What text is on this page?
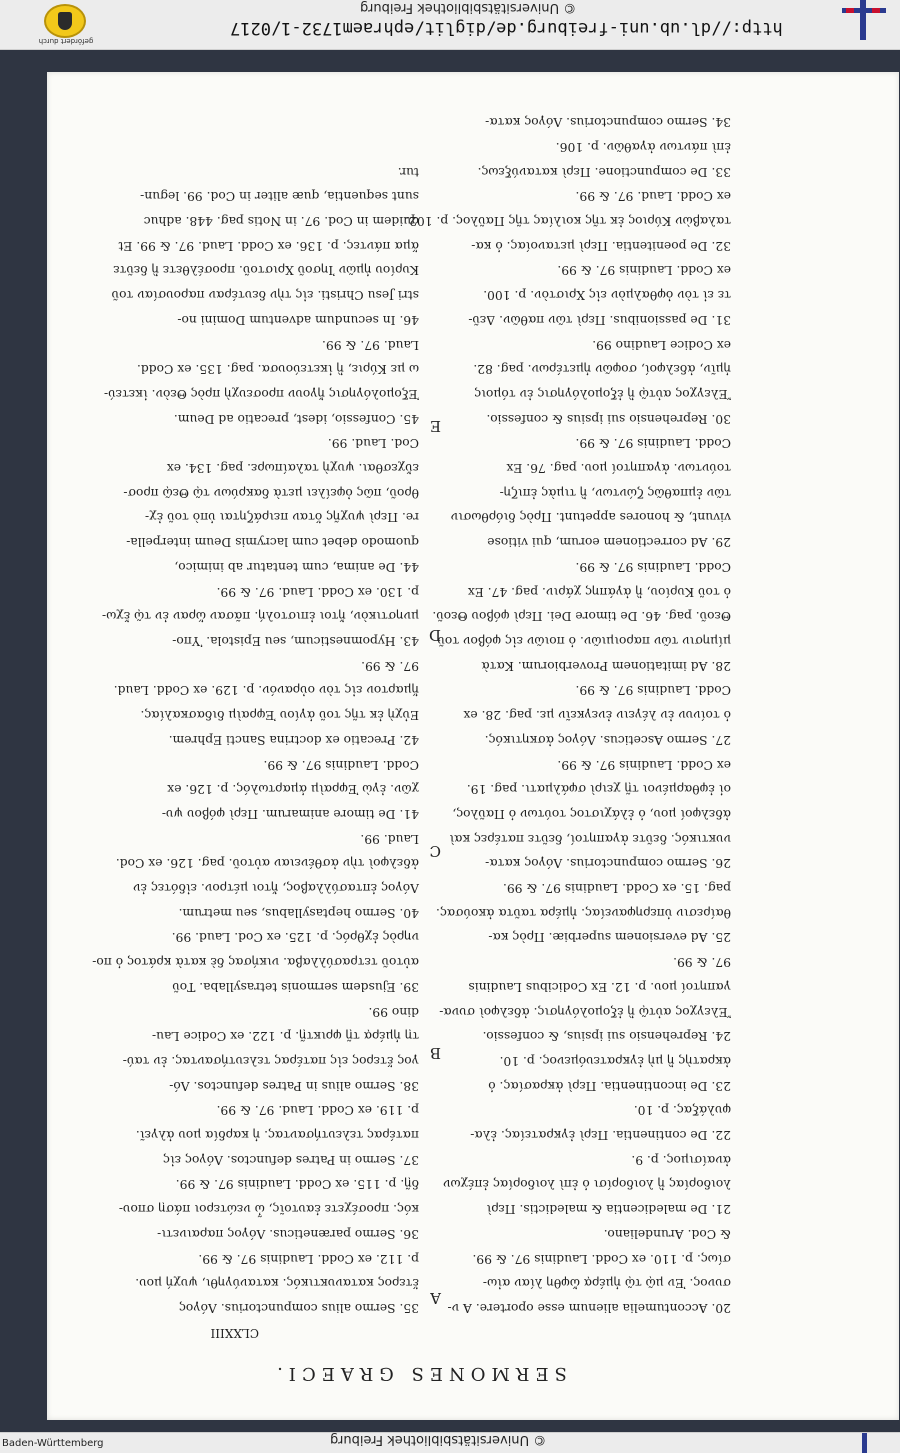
gefördert durch
http://dl.ub.uni-freiburg.de/diglit/ephraem1732-1/0217
© Universitätsbibliothek Freiburg
SERMONES GRAECI.
CLXXIII
20. Accontumelia alienum esse oportere. A ν-
συνος. Ἐν μῷ τῷ ἡμέρᾳ ὤφθη λίαν αἰω-
σίως. p. 110. ex Codd. Laudinis 97. & 99.
& Cod. Arundeliano.
21. De maledicentia & maledictis. Περὶ
λοιδορίας ἢ λοιδορίσι ὁ ἐπὶ λοιδορίας ἐπέχων
ἀναίσιμος. p. 9.
22. De continentia. Περὶ ἐγκρατείας. ἐλα-
φυλάξας. p. 10.
23. De incontinentia. Περὶ ἀκρασίας. ὁ
ἀκρατὴς ἢ μὴ ἐγκρατευόμενος. p. 10.
24. Reprehensio sui ipsius, & confessio.
Ἔλεγχος αὐτῷ ἢ ἐξομολόγησις. ἀδελφοὶ συνα-
γαπητοί μου. p. 12. Ex Codicibus Laudinis
97. & 99.
25. Ad eversionem superbiæ. Πρὸς κα-
θαίρεσιν ὑπερηφανείας. ἡμέρα ταῦτα ἀκούσας.
pag. 15. ex Codd. Laudinis 97. & 99.
26. Sermo compunctorius. Λόγος κατα-
νυκτικός. δεῦτε ἀγαπητοί, δεῦτε πατέρες καὶ
ἀδελφοί μου, ὁ ἐλάχιστος τούτων ὁ Παῦλος,
οἱ ἐφθαρμένοι τῇ χειρὶ σφάλματι. pag. 19.
ex Codd. Laudinis 97. & 99.
27. Sermo Asceticus. Λόγος ἀσκητικός.
ὁ τοίνυν ἐν λέγειν ἐνεγκεῖν με. pag. 28. ex
Codd. Laudinis 97. & 99.
28. Ad imitationem Proverbiorum. Κατὰ
μίμησιν τῶν παροιμιῶν. ὁ ποιῶν εἰς φόβον τοῦ
Θεοῦ. pag. 46. De timore Dei. Περὶ φόβου Θεοῦ.
ὁ τοῦ Κυρίου, ἢ ἀγάπης χάριν. pag. 47. Ex
Codd. Laudinis 97. & 99.
29. Ad correctionem eorum, qui vitiose
vivunt, & honores appetunt. Πρὸς διόρθωσιν
τῶν ἐμπαθῶς ζώντων, ἢ τιμὰς ἐπιζη-
τούντων. ἀγαπητοί μου. pag. 76. Ex
Codd. Laudinis 97. & 99.
30. Reprehensio sui ipsius & confessio.
Ἔλεγχος αὐτῷ ἢ ἐξομολόγησις ἐν τόμοις
ἡμῖν, ἀδελφοί, σοφῶν ἡμετέρων. pag. 82.
ex Codice Laudino 99.
31. De passionibus. Περὶ τῶν παθῶν. Δεῦ-
τε εἰ τὸν ὀφθαλμὸν εἰς Χριστὸν. p. 100.
ex Codd. Laudinis 97. & 99.
32. De poenitentia. Περὶ μετανοίας. ὁ κα-
ταλαβὼν Κύριος ἐκ τῆς κοιλίας τῆς Παῦλος. p. 102.
ex Codd. Laud. 97. & 99.
33. De compunctione. Περὶ κατανύξεως.
ἐπὶ πάντων ἀγαθῶν. p. 106.
34. Sermo compunctorius. Λόγος κατα-
35. Sermo alius compunctorius. Λόγος
ἕτερος κατανυκτικός. κατανύγηθι, ψυχή μου.
p. 112. ex Codd. Laudinis 97. & 99.
36. Sermo paræneticus. Λόγος παραινετι-
κός. προσέχετε ἑαυτοῖς, ὦ νεώτεροι πάσῃ σπου-
δῇ. p. 115. ex Codd. Laudinis 97. & 99.
37. Sermo in Patres defunctos. Λόγος εἰς
πατέρας τελευτήσαντας. ἡ καρδία μου ἀλγεῖ.
p. 119. ex Codd. Laud. 97. & 99.
38. Sermo alius in Patres defunctos. Λό-
γος ἕτερος εἰς πατέρας τελευτήσαντας. ἐν ταύ-
τῃ ἡμέρᾳ τῇ φρικτῇ. p. 122. ex Codice Lau-
dino 99.
39. Ejusdem sermonis tetrasyllaba. Τοῦ
αὐτοῦ τετρασύλλαβα. νικήσας δὲ κατὰ κράτος ὁ πο-
νηρὸς ἐχθρός. p. 125. ex Cod. Laud. 99.
40. Sermo heptasyllabus, seu metrum.
Λόγος ἑπτασύλλαβος, ἤτοι μέτρον. εἰδότες ἐν
ἀδελφοὶ τὴν ἀσθένειαν αὐτοῦ. pag. 126. ex Cod.
Laud. 99.
41. De timore animarum. Περὶ φόβου ψυ-
χῶν. ἐγὼ Ἐφραὶμ ἁμαρτωλός. p. 126. ex
Codd. Laudinis 97. & 99.
42. Precatio ex doctrina Sancti Ephrem.
Εὐχὴ ἐκ τῆς τοῦ ἁγίου Ἐφραὶμ διδασκαλίας.
ἥμαρτον εἰς τὸν οὐρανόν. p. 129. ex Codd. Laud.
97. & 99.
43. Hypomnesticum, seu Epistola. Ὑπο-
μνηστικὸν, ἤτοι ἐπιστολή. πᾶσαν ὥραν ἐν τῷ ἔχω-
p. 130. ex Codd. Laud. 97. & 99.
44. De anima, cum tentatur ab inimico,
quomodo debet cum lacrymis Deum interpella-
re. Περὶ ψυχῆς ὅταν πειράζηται ὑπὸ τοῦ ἐχ-
θροῦ, πῶς ὀφείλει μετὰ δακρύων τῷ Θεῷ προσ-
εὔχεσθαι. ψυχὴ ταλαίπωρε. pag. 134. ex
Cod. Laud. 99.
45. Confessio, idest, precatio ad Deum.
Ἐξομολόγησις ἤγουν προσευχὴ πρὸς Θεὸν. ἱκετεύ-
ω με Κύριε, ἢ ἱκετεύουσα. pag. 135. ex Codd.
Laud. 97. & 99.
46. In secundum adventum Domini no-
stri Jesu Christi. εἰς τὴν δευτέραν παρουσίαν τοῦ
Κυρίου ἡμῶν Ἰησοῦ Χριστοῦ. προσέλθετε ἢ δεῦτε
ἅμα πάντες. p. 136. ex Codd. Laud. 97. & 99. Et
quidem in Cod. 97. in Notis pag. 448. adhuc
sunt sequentia, quæ aliter in Cod. 99. legun-
tur.
A
B
C
D
E
Baden-Württemberg	© Universitätsbibliothek Freiburg
